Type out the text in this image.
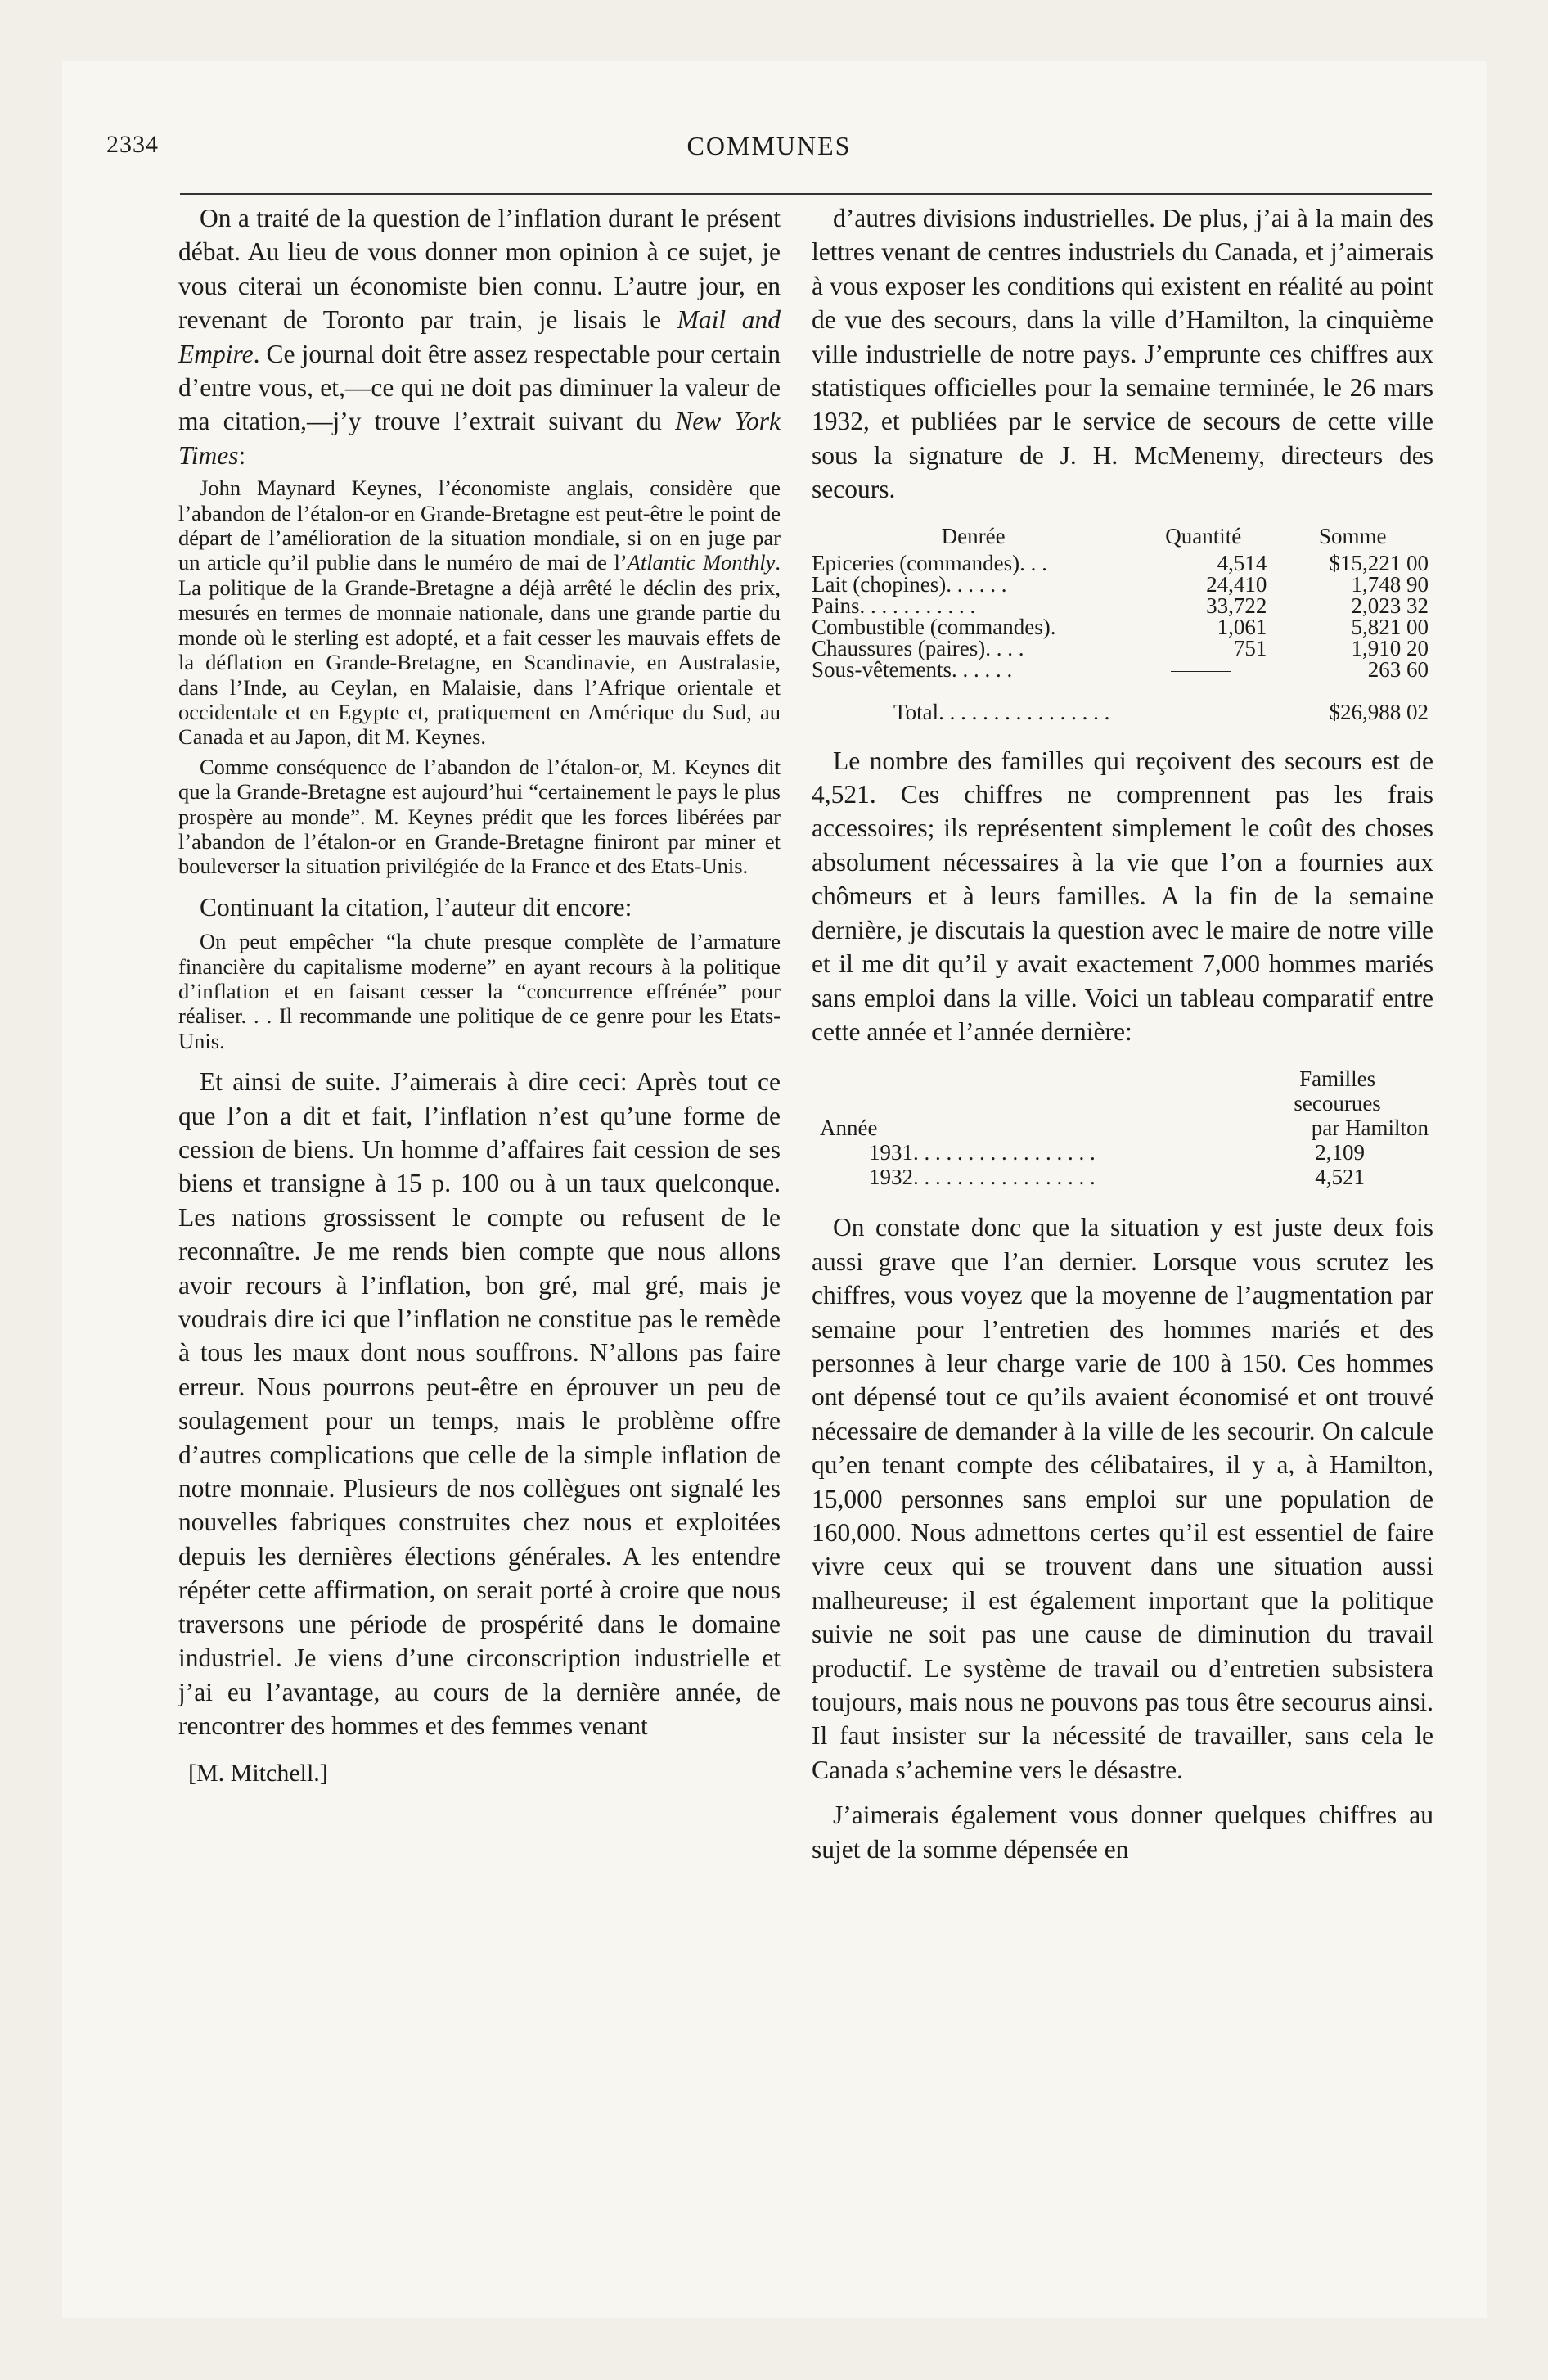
2334	COMMUNES

On a traité de la question de l’inflation durant le présent débat. Au lieu de vous donner mon opinion à ce sujet, je vous citerai un économiste bien connu. L’autre jour, en revenant de Toronto par train, je lisais le Mail and Empire. Ce journal doit être assez respectable pour certain d’entre vous, et,—ce qui ne doit pas diminuer la valeur de ma citation,—j’y trouve l’extrait suivant du New York Times:

John Maynard Keynes, l’économiste anglais, considère que l’abandon de l’étalon-or en Grande-Bretagne est peut-être le point de départ de l’amélioration de la situation mondiale, si on en juge par un article qu’il publie dans le numéro de mai de l’Atlantic Monthly. La politique de la Grande-Bretagne a déjà arrêté le déclin des prix, mesurés en termes de monnaie nationale, dans une grande partie du monde où le sterling est adopté, et a fait cesser les mauvais effets de la déflation en Grande-Bretagne, en Scandinavie, en Australasie, dans l’Inde, au Ceylan, en Malaisie, dans l’Afrique orientale et occidentale et en Egypte et, pratiquement en Amérique du Sud, au Canada et au Japon, dit M. Keynes.

Comme conséquence de l’abandon de l’étalon-or, M. Keynes dit que la Grande-Bretagne est aujourd’hui “certainement le pays le plus prospère au monde”. M. Keynes prédit que les forces libérées par l’abandon de l’étalon-or en Grande-Bretagne finiront par miner et bouleverser la situation privilégiée de la France et des Etats-Unis.

Continuant la citation, l’auteur dit encore:

On peut empêcher “la chute presque complète de l’armature financière du capitalisme moderne” en ayant recours à la politique d’inflation et en faisant cesser la “concurrence effrénée” pour réaliser. . . Il recommande une politique de ce genre pour les Etats-Unis.

Et ainsi de suite. J’aimerais à dire ceci: Après tout ce que l’on a dit et fait, l’inflation n’est qu’une forme de cession de biens. Un homme d’affaires fait cession de ses biens et transigne à 15 p. 100 ou à un taux quelconque. Les nations grossissent le compte ou refusent de le reconnaître. Je me rends bien compte que nous allons avoir recours à l’inflation, bon gré, mal gré, mais je voudrais dire ici que l’inflation ne constitue pas le remède à tous les maux dont nous souffrons. N’allons pas faire erreur. Nous pourrons peut-être en éprouver un peu de soulagement pour un temps, mais le problème offre d’autres complications que celle de la simple inflation de notre monnaie. Plusieurs de nos collègues ont signalé les nouvelles fabriques construites chez nous et exploitées depuis les dernières élections générales. A les entendre répéter cette affirmation, on serait porté à croire que nous traversons une période de prospérité dans le domaine industriel. Je viens d’une circonscription industrielle et j’ai eu l’avantage, au cours de la dernière année, de rencontrer des hommes et des femmes venant

[M. Mitchell.]

d’autres divisions industrielles. De plus, j’ai à la main des lettres venant de centres industriels du Canada, et j’aimerais à vous exposer les conditions qui existent en réalité au point de vue des secours, dans la ville d’Hamilton, la cinquième ville industrielle de notre pays. J’emprunte ces chiffres aux statistiques officielles pour la semaine terminée, le 26 mars 1932, et publiées par le service de secours de cette ville sous la signature de J. H. McMenemy, directeurs des secours.

Denrée	Quantité	Somme
Epiceries (commandes). . .	4,514	$15,221 00
Lait (chopines). . . . . .	24,410	1,748 90
Pains. . . . . . . . . . .	33,722	2,023 32
Combustible (commandes).	1,061	5,821 00
Chaussures (paires). . . .	751	1,910 20
Sous-vêtements. . . . . .		263 60
Total. . . . . . . . . . . . . . . .		$26,988 02

Le nombre des familles qui reçoivent des secours est de 4,521. Ces chiffres ne comprennent pas les frais accessoires; ils représentent simplement le coût des choses absolument nécessaires à la vie que l’on a fournies aux chômeurs et à leurs familles. A la fin de la semaine dernière, je discutais la question avec le maire de notre ville et il me dit qu’il y avait exactement 7,000 hommes mariés sans emploi dans la ville. Voici un tableau comparatif entre cette année et l’année dernière:

Année	Familles
secourues
par Hamilton

1931. . . . . . . . . . . . . . . . .	2,109
1932. . . . . . . . . . . . . . . . .	4,521

On constate donc que la situation y est juste deux fois aussi grave que l’an dernier. Lorsque vous scrutez les chiffres, vous voyez que la moyenne de l’augmentation par semaine pour l’entretien des hommes mariés et des personnes à leur charge varie de 100 à 150. Ces hommes ont dépensé tout ce qu’ils avaient économisé et ont trouvé nécessaire de demander à la ville de les secourir. On calcule qu’en tenant compte des célibataires, il y a, à Hamilton, 15,000 personnes sans emploi sur une population de 160,000. Nous admettons certes qu’il est essentiel de faire vivre ceux qui se trouvent dans une situation aussi malheureuse; il est également important que la politique suivie ne soit pas une cause de diminution du travail productif. Le système de travail ou d’entretien subsistera toujours, mais nous ne pouvons pas tous être secourus ainsi. Il faut insister sur la nécessité de travailler, sans cela le Canada s’achemine vers le désastre.

J’aimerais également vous donner quelques chiffres au sujet de la somme dépensée en
